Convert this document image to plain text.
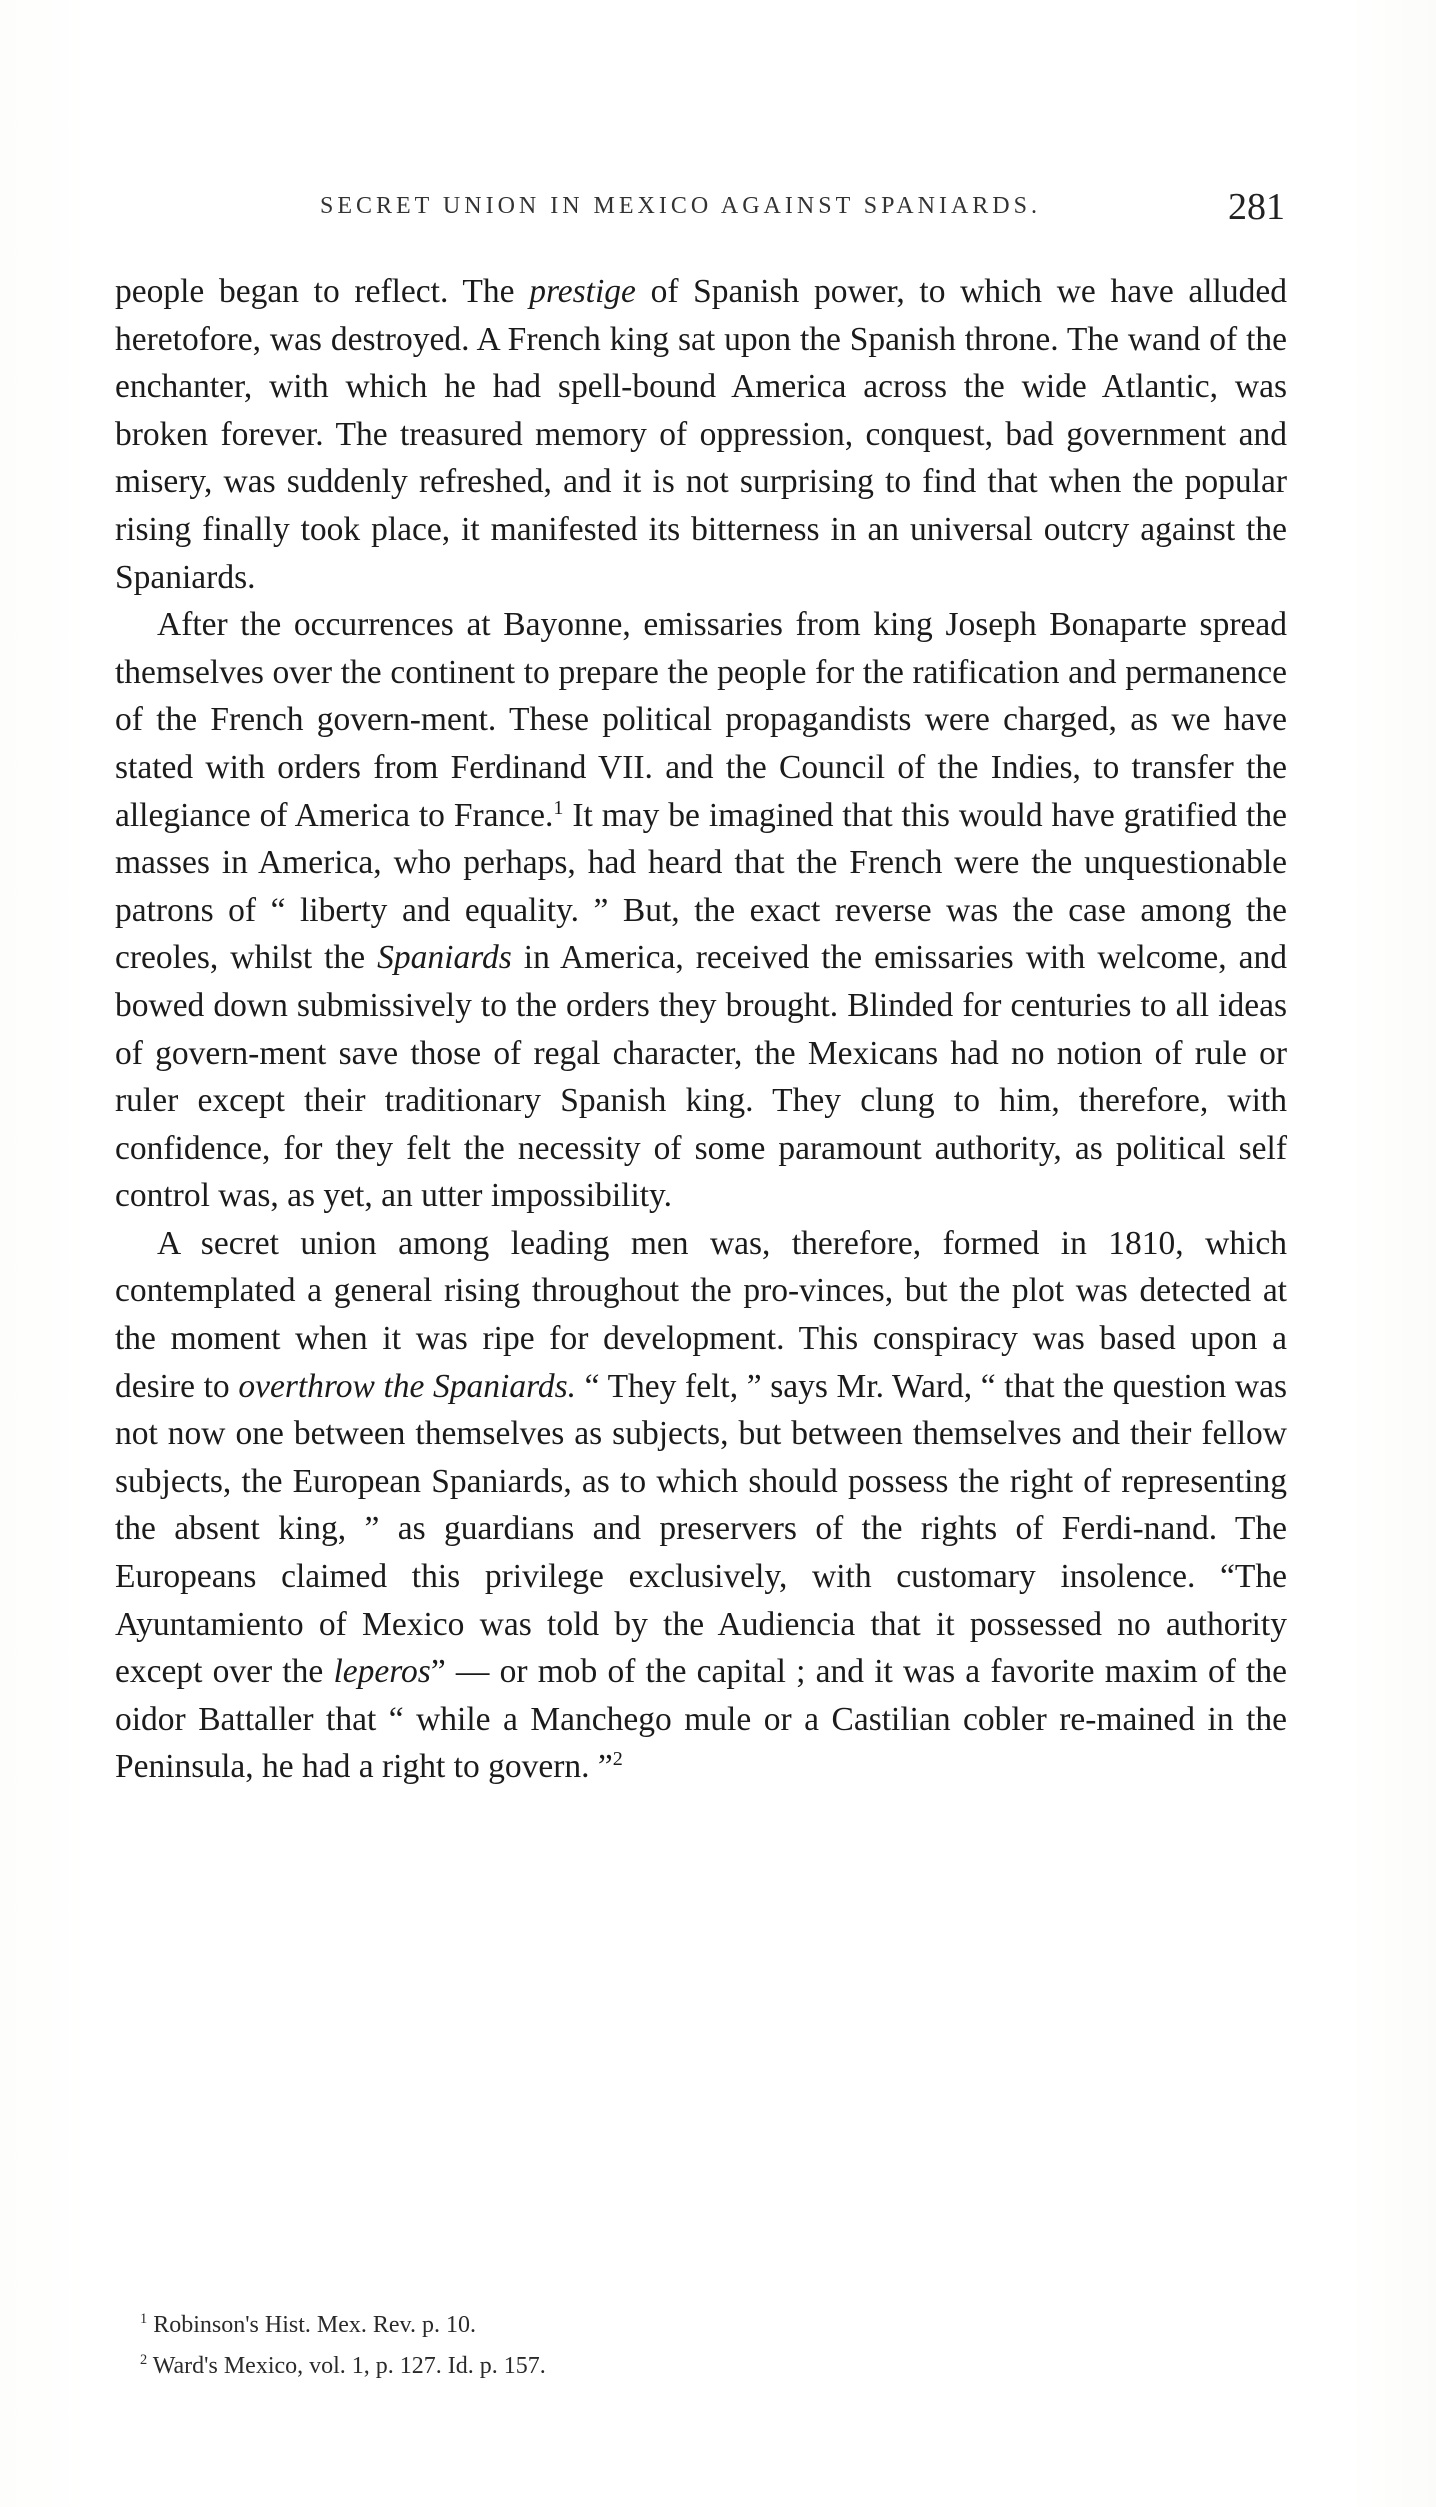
SECRET UNION IN MEXICO AGAINST SPANIARDS.	281

people began to reflect. The prestige of Spanish power, to which we have alluded heretofore, was destroyed. A French king sat upon the Spanish throne. The wand of the enchanter, with which he had spell-bound America across the wide Atlantic, was broken forever. The treasured memory of oppression, conquest, bad government and misery, was suddenly refreshed, and it is not surprising to find that when the popular rising finally took place, it manifested its bitterness in an universal outcry against the Spaniards.

After the occurrences at Bayonne, emissaries from king Joseph Bonaparte spread themselves over the continent to prepare the people for the ratification and permanence of the French govern-ment. These political propagandists were charged, as we have stated with orders from Ferdinand VII. and the Council of the Indies, to transfer the allegiance of America to France.$^1$ It may be imagined that this would have gratified the masses in America, who perhaps, had heard that the French were the unquestionable patrons of “ liberty and equality. ” But, the exact reverse was the case among the creoles, whilst the Spaniards in America, received the emissaries with welcome, and bowed down submissively to the orders they brought. Blinded for centuries to all ideas of govern-ment save those of regal character, the Mexicans had no notion of rule or ruler except their traditionary Spanish king. They clung to him, therefore, with confidence, for they felt the necessity of some paramount authority, as political self control was, as yet, an utter impossibility.

A secret union among leading men was, therefore, formed in 1810, which contemplated a general rising throughout the pro-vinces, but the plot was detected at the moment when it was ripe for development. This conspiracy was based upon a desire to overthrow the Spaniards. “ They felt, ” says Mr. Ward, “ that the question was not now one between themselves as subjects, but between themselves and their fellow subjects, the European Spaniards, as to which should possess the right of representing the absent king, ” as guardians and preservers of the rights of Ferdi-nand. The Europeans claimed this privilege exclusively, with customary insolence. “The Ayuntamiento of Mexico was told by the Audiencia that it possessed no authority except over the leperos” — or mob of the capital ; and it was a favorite maxim of the oidor Battaller that “ while a Manchego mule or a Castilian cobler re-mained in the Peninsula, he had a right to govern. ”$^2$

$^1$ Robinson's Hist. Mex. Rev. p. 10.

$^2$ Ward's Mexico, vol. 1, p. 127. Id. p. 157.
